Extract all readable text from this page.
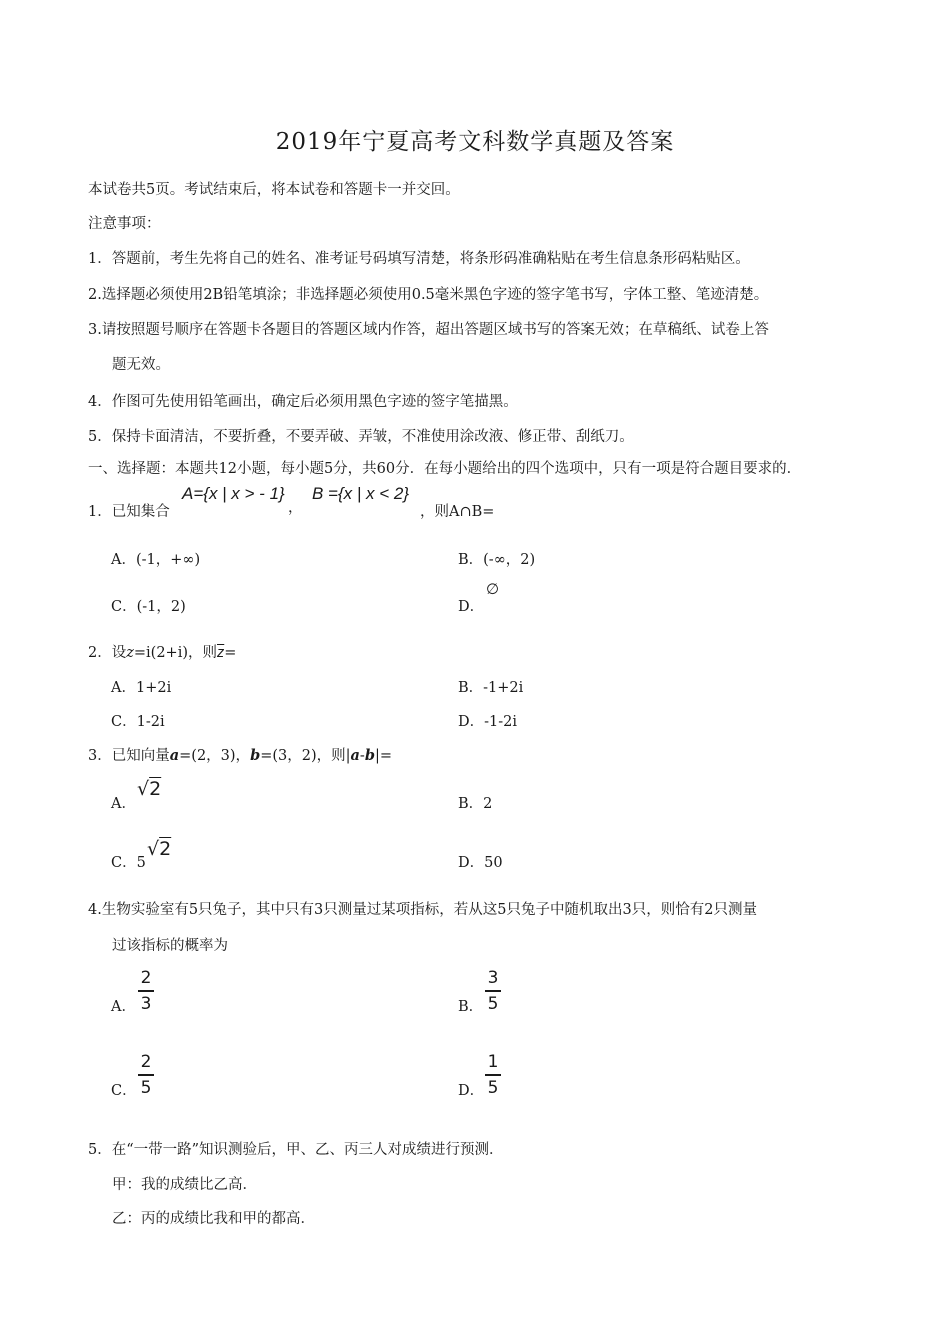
2019年宁夏高考文科数学真题及答案
本试卷共5页。考试结束后，将本试卷和答题卡一并交回。
注意事项：
1．答题前，考生先将自己的姓名、准考证号码填写清楚，将条形码准确粘贴在考生信息条形码粘贴区。
2.选择题必须使用2B铅笔填涂；非选择题必须使用0.5毫米黑色字迹的签字笔书写，字体工整、笔迹清楚。
3.请按照题号顺序在答题卡各题目的答题区域内作答，超出答题区域书写的答案无效；在草稿纸、试卷上答
题无效。
4．作图可先使用铅笔画出，确定后必须用黑色字迹的签字笔描黑。
5．保持卡面清洁，不要折叠，不要弄破、弄皱，不准使用涂改液、修正带、刮纸刀。
一、选择题：本题共12小题，每小题5分，共60分．在每小题给出的四个选项中，只有一项是符合题目要求的．
1．已知集合
A={x | x > - 1}
，
B ={x | x < 2}
，则A∩B=
A．(-1，+∞)	B．(-∞，2)
C．(-1，2)	D．
∅
2．设z=i(2+i)，则$\overline{z}=$
A．1+2i	B．-1+2i
C．1-2i	D．-1-2i
3．已知向量a=(2，3)，b=(3，2)，则|a-b|=
A．
√2
B．2
C．5
√2
D．50
4.生物实验室有5只兔子，其中只有3只测量过某项指标，若从这5只兔子中随机取出3只，则恰有2只测量
过该指标的概率为
A．
2
3	B．
3
5
C．
2
5	D．
1
5
5．在“一带一路”知识测验后，甲、乙、丙三人对成绩进行预测．
甲：我的成绩比乙高．
乙：丙的成绩比我和甲的都高．
